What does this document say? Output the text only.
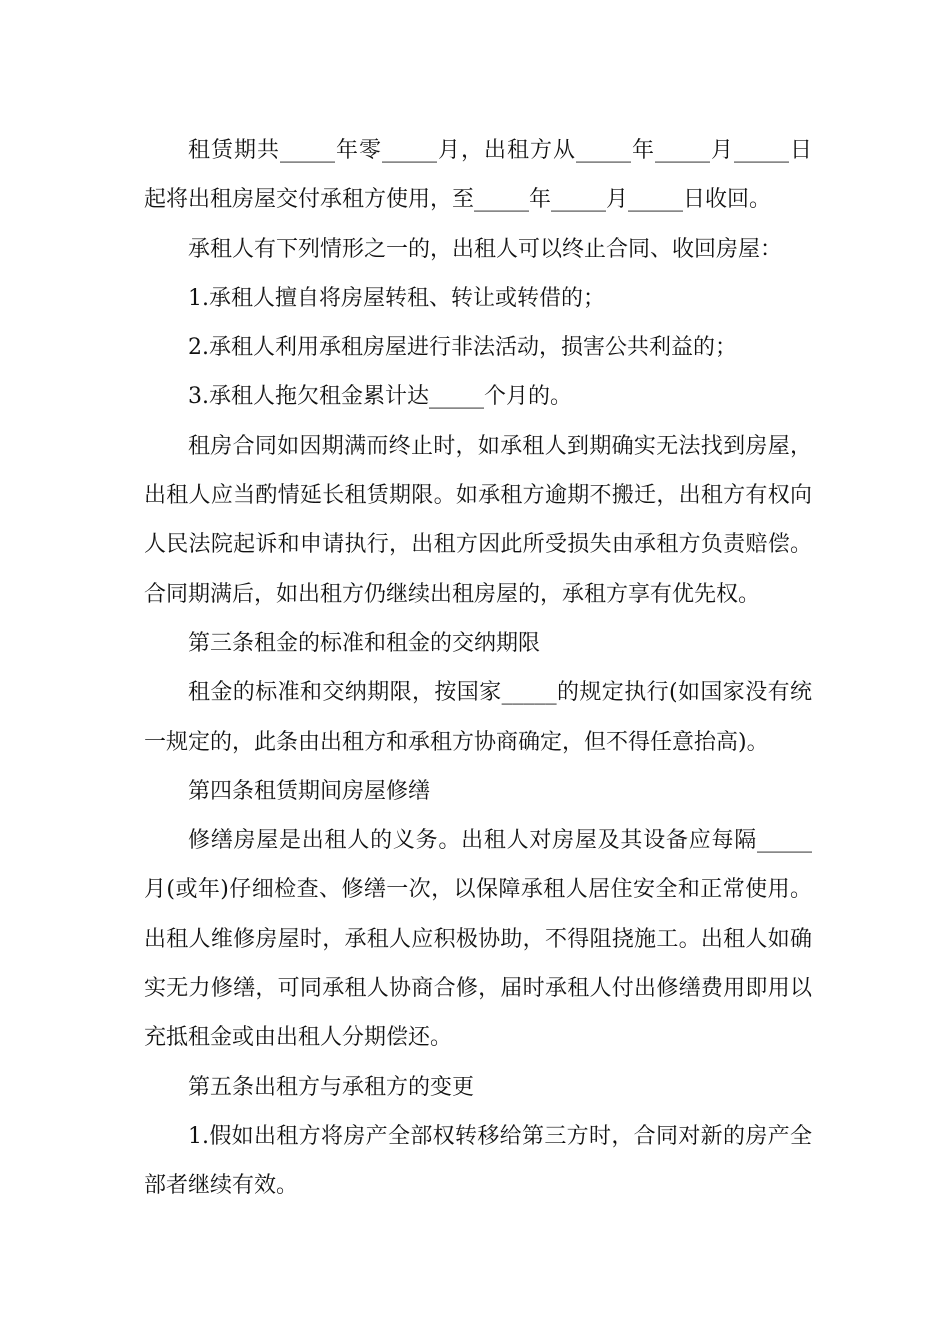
租赁期共_____年零_____月，出租方从_____年_____月_____日起将出租房屋交付承租方使用，至_____年_____月_____日收回。

承租人有下列情形之一的，出租人可以终止合同、收回房屋：

1.承租人擅自将房屋转租、转让或转借的；

2.承租人利用承租房屋进行非法活动，损害公共利益的；

3.承租人拖欠租金累计达_____个月的。

租房合同如因期满而终止时，如承租人到期确实无法找到房屋，出租人应当酌情延长租赁期限。如承租方逾期不搬迁，出租方有权向人民法院起诉和申请执行，出租方因此所受损失由承租方负责赔偿。合同期满后，如出租方仍继续出租房屋的，承租方享有优先权。

第三条租金的标准和租金的交纳期限

租金的标准和交纳期限，按国家_____的规定执行(如国家没有统一规定的，此条由出租方和承租方协商确定，但不得任意抬高)。

第四条租赁期间房屋修缮

修缮房屋是出租人的义务。出租人对房屋及其设备应每隔_____月(或年)仔细检查、修缮一次，以保障承租人居住安全和正常使用。出租人维修房屋时，承租人应积极协助，不得阻挠施工。出租人如确实无力修缮，可同承租人协商合修，届时承租人付出修缮费用即用以充抵租金或由出租人分期偿还。

第五条出租方与承租方的变更

1.假如出租方将房产全部权转移给第三方时，合同对新的房产全部者继续有效。
